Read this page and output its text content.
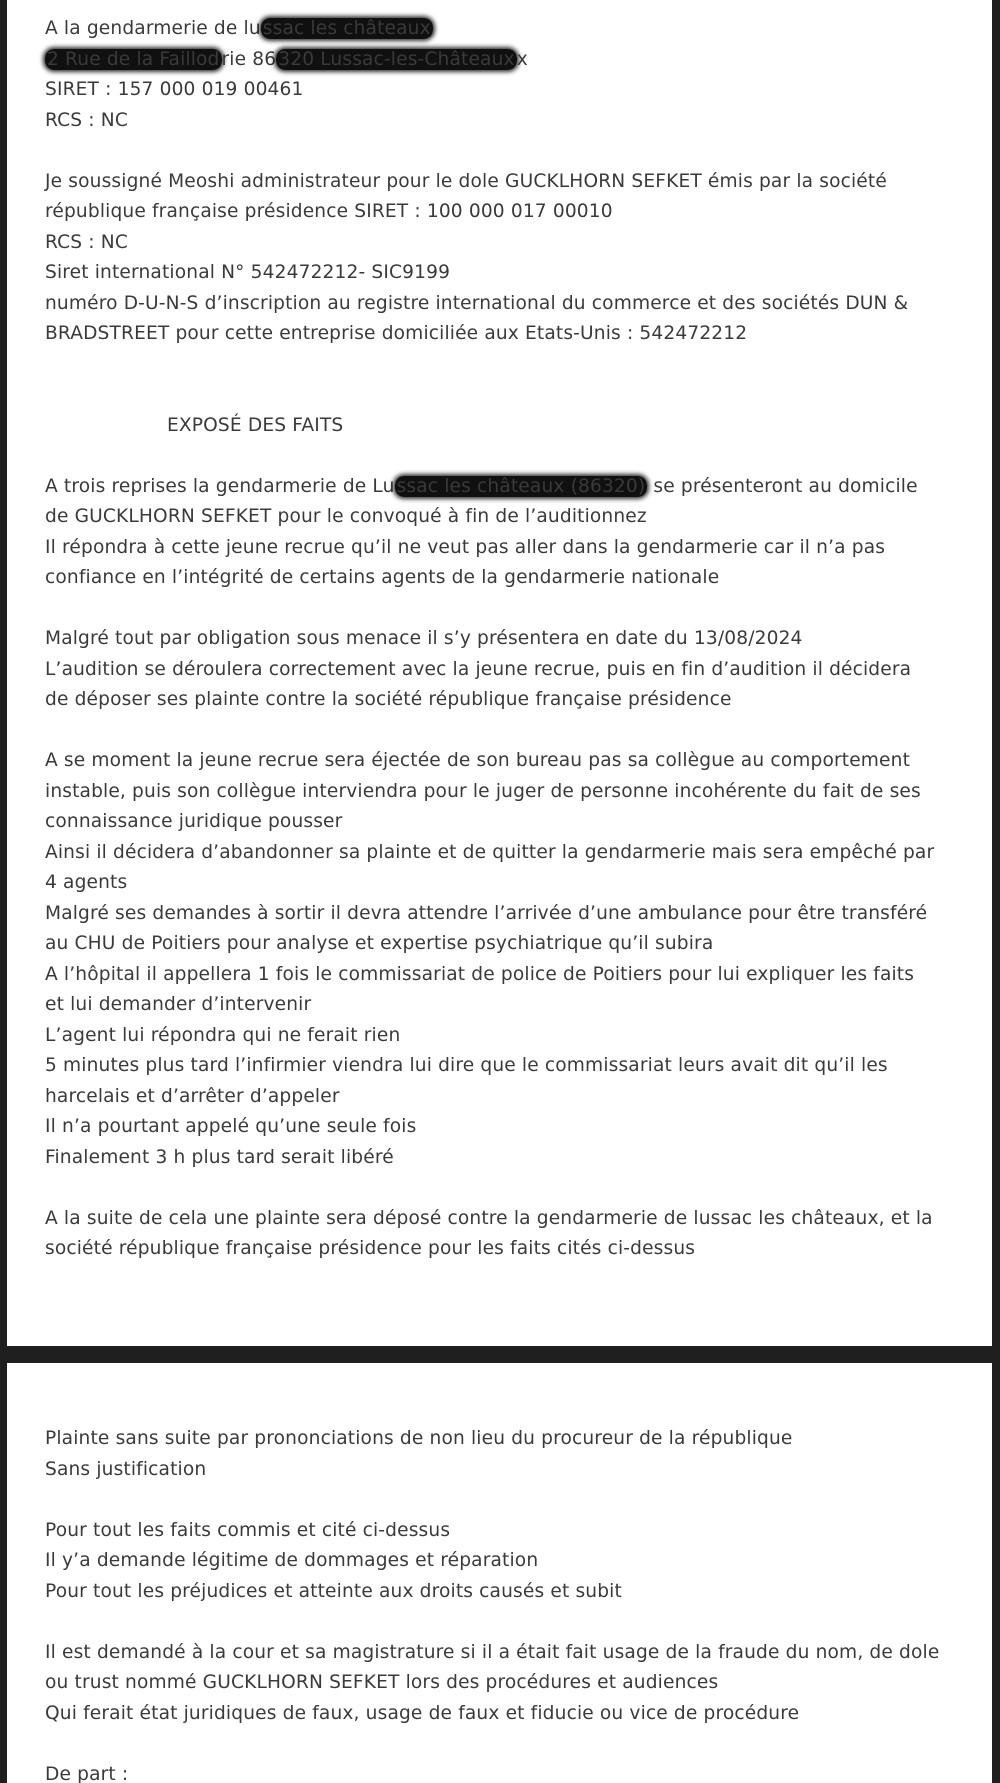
A la gendarmerie de lu ssac les châteaux
2 Rue de la Faillod rie 86 320 Lussac-les-Châteaux x
SIRET : 157 000 019 00461
RCS : NC
Je soussigné Meoshi administrateur pour le dole GUCKLHORN SEFKET émis par la société
république française présidence SIRET : 100 000 017 00010
RCS : NC
Siret international N° 542472212- SIC9199
numéro D-U-N-S d’inscription au registre international du commerce et des sociétés DUN &
BRADSTREET pour cette entreprise domiciliée aux Etats-Unis : 542472212
EXPOSÉ DES FAITS
A trois reprises la gendarmerie de Lu ssac les châteaux (86320) se présenteront au domicile
de GUCKLHORN SEFKET pour le convoqué à fin de l’auditionnez
Il répondra à cette jeune recrue qu’il ne veut pas aller dans la gendarmerie car il n’a pas
confiance en l’intégrité de certains agents de la gendarmerie nationale
Malgré tout par obligation sous menace il s’y présentera en date du 13/08/2024
L’audition se déroulera correctement avec la jeune recrue, puis en fin d’audition il décidera
de déposer ses plainte contre la société république française présidence
A se moment la jeune recrue sera éjectée de son bureau pas sa collègue au comportement
instable, puis son collègue interviendra pour le juger de personne incohérente du fait de ses
connaissance juridique pousser
Ainsi il décidera d’abandonner sa plainte et de quitter la gendarmerie mais sera empêché par
4 agents
Malgré ses demandes à sortir il devra attendre l’arrivée d’une ambulance pour être transféré
au CHU de Poitiers pour analyse et expertise psychiatrique qu’il subira
A l’hôpital il appellera 1 fois le commissariat de police de Poitiers pour lui expliquer les faits
et lui demander d’intervenir
L’agent lui répondra qui ne ferait rien
5 minutes plus tard l’infirmier viendra lui dire que le commissariat leurs avait dit qu’il les
harcelais et d’arrêter d’appeler
Il n’a pourtant appelé qu’une seule fois
Finalement 3 h plus tard serait libéré
A la suite de cela une plainte sera déposé contre la gendarmerie de lussac les châteaux, et la
société république française présidence pour les faits cités ci-dessus
Plainte sans suite par prononciations de non lieu du procureur de la république
Sans justification
Pour tout les faits commis et cité ci-dessus
Il y’a demande légitime de dommages et réparation
Pour tout les préjudices et atteinte aux droits causés et subit
Il est demandé à la cour et sa magistrature si il a était fait usage de la fraude du nom, de dole
ou trust nommé GUCKLHORN SEFKET lors des procédures et audiences
Qui ferait état juridiques de faux, usage de faux et fiducie ou vice de procédure
De part :
